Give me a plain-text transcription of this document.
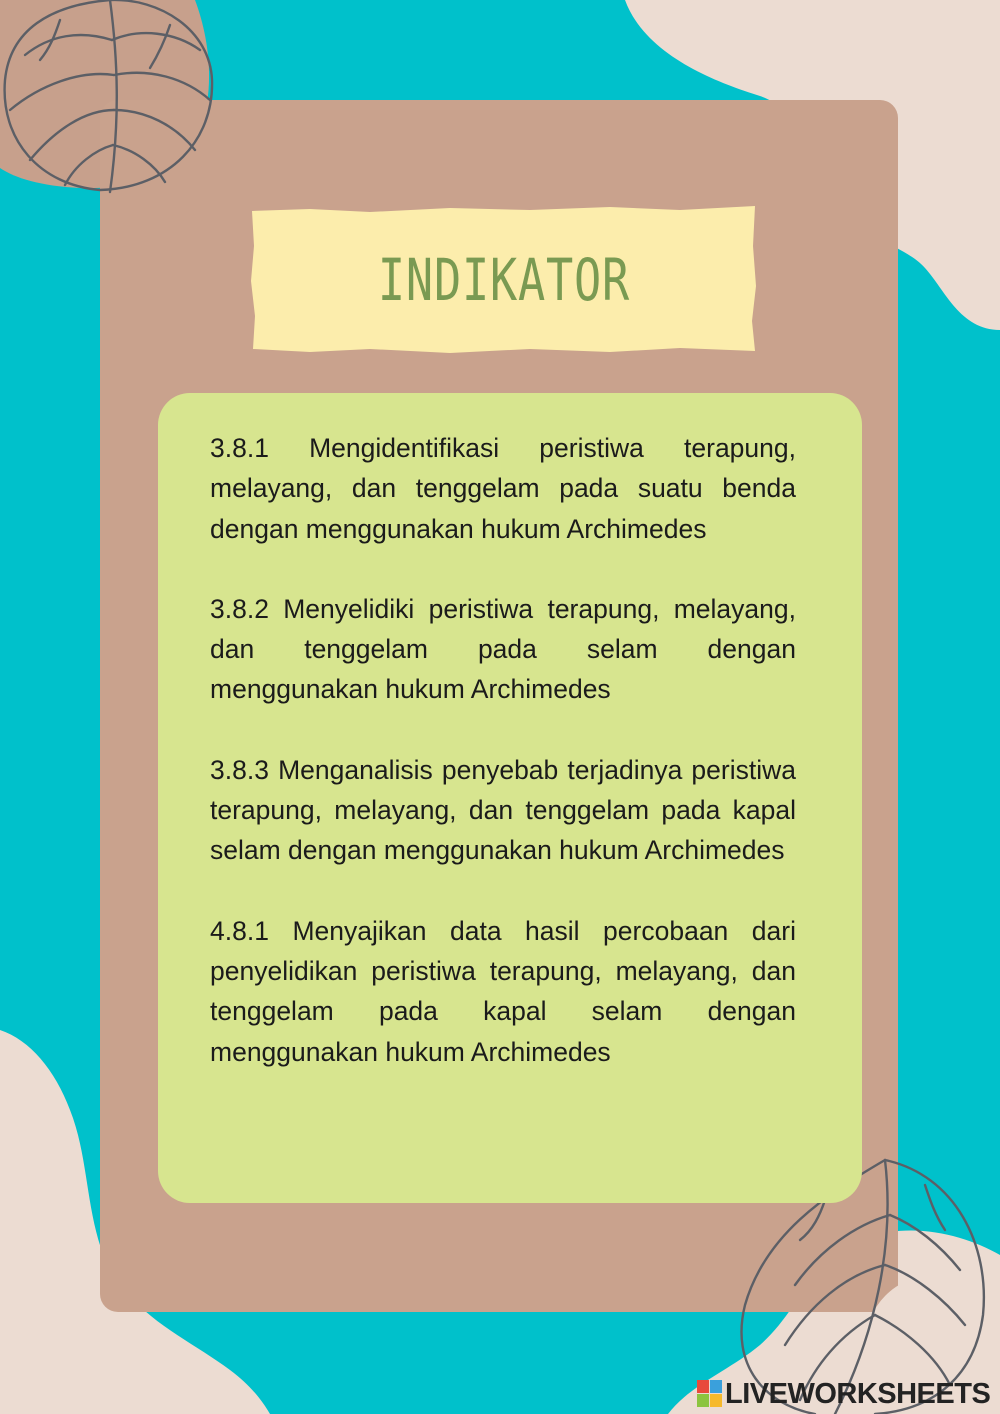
INDIKATOR

3.8.1 Mengidentifikasi peristiwa terapung, melayang, dan tenggelam pada suatu benda dengan menggunakan hukum Archimedes

3.8.2 Menyelidiki peristiwa terapung, melayang, dan tenggelam pada selam dengan menggunakan hukum Archimedes

3.8.3 Menganalisis penyebab terjadinya peristiwa terapung, melayang, dan tenggelam pada kapal selam dengan menggunakan hukum Archimedes

4.8.1 Menyajikan data hasil percobaan dari penyelidikan peristiwa terapung, melayang, dan tenggelam pada kapal selam dengan menggunakan hukum Archimedes

LIVEWORKSHEETS
